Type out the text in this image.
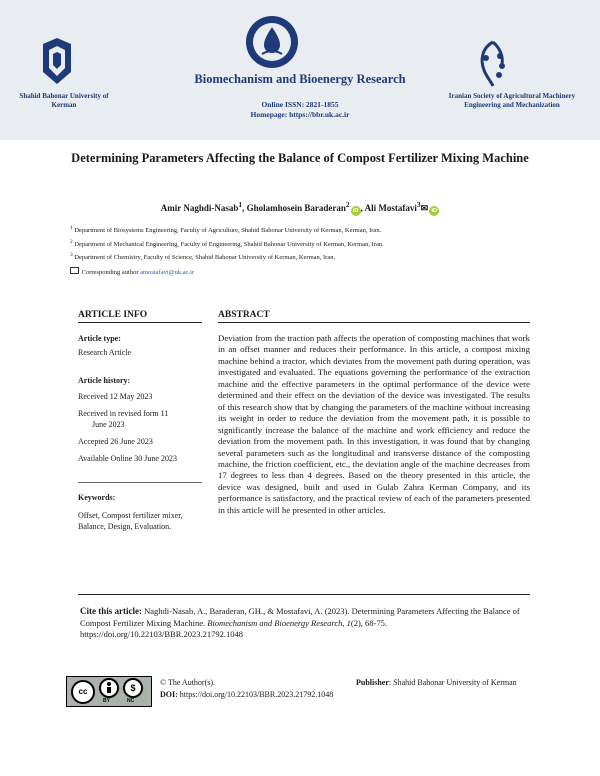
Shahid Bahonar University of Kerman
Biomechanism and Bioenergy Research
Online ISSN: 2821-1855
Homepage: https://bbr.uk.ac.ir
Iranian Society of Agricultural Machinery Engineering and Mechanization
Determining Parameters Affecting the Balance of Compost Fertilizer Mixing Machine
Amir Naghdi-Nasab$^1$, Gholamhosein Baraderan$^2$iD , Ali Mostafavi$^3$✉ iD
$^1$ Department of Biosystems Engineering, Faculty of Agriculture, Shahid Bahonar University of Kerman, Kerman, Iran.
$^2$ Department of Mechanical Engineering, Faculty of Engineering, Shahid Bahonar University of Kerman, Kerman, Iran.
$^3$ Department of Chemistry, Faculty of Science, Shahid Bahonar University of Kerman, Kerman, Iran.
Corresponding author amostafavi@uk.ac.ir
ARTICLE INFO
Article type:
Research Article
Article history:
Received 12 May 2023
Received in revised form 11
June 2023
Accepted 26 June 2023
Available Online 30 June 2023
Keywords:
Offset, Compost fertilizer mixer, Balance, Design, Evaluation.
ABSTRACT
Deviation from the traction path affects the operation of composting machines that work in an offset manner and reduces their performance. In this article, a compost mixing machine behind a tractor, which deviates from the movement path during operation, was investigated and evaluated. The equations governing the performance of the extraction machine and the effective parameters in the optimal performance of the device were determined and their effect on the deviation of the device was investigated. The results of this research show that by changing the parameters of the machine without increasing its weight in order to reduce the deviation from the movement path, it is possible to significantly increase the balance of the machine and work efficiency and reduce the deviation from the movement path. In this investigation, it was found that by changing several parameters such as the longitudinal and transverse distance of the composting machine, the friction coefficient, etc., the deviation angle of the machine decreases from 17 degrees to less than 4 degrees. Based on the theory presented in this article, the device was designed, built and used in Gulab Zahra Kerman Company, and its performance is satisfactory, and the practical review of each of the parameters presented in this article will be presented in other articles.
Cite this article: Naghdi-Nasab, A., Baraderan, GH., & Mostafavi, A. (2023). Determining Parameters Affecting the Balance of Compost Fertilizer Mixing Machine. Biomechanism and Bioenergy Research, 1(2), 68-75. https://doi.org/10.22103/BBR.2023.21792.1048
cc	$
BY	NC
© The Author(s).	Publisher: Shahid Bahonar University of Kerman
DOI: https://doi.org/10.22103/BBR.2023.21792.1048
